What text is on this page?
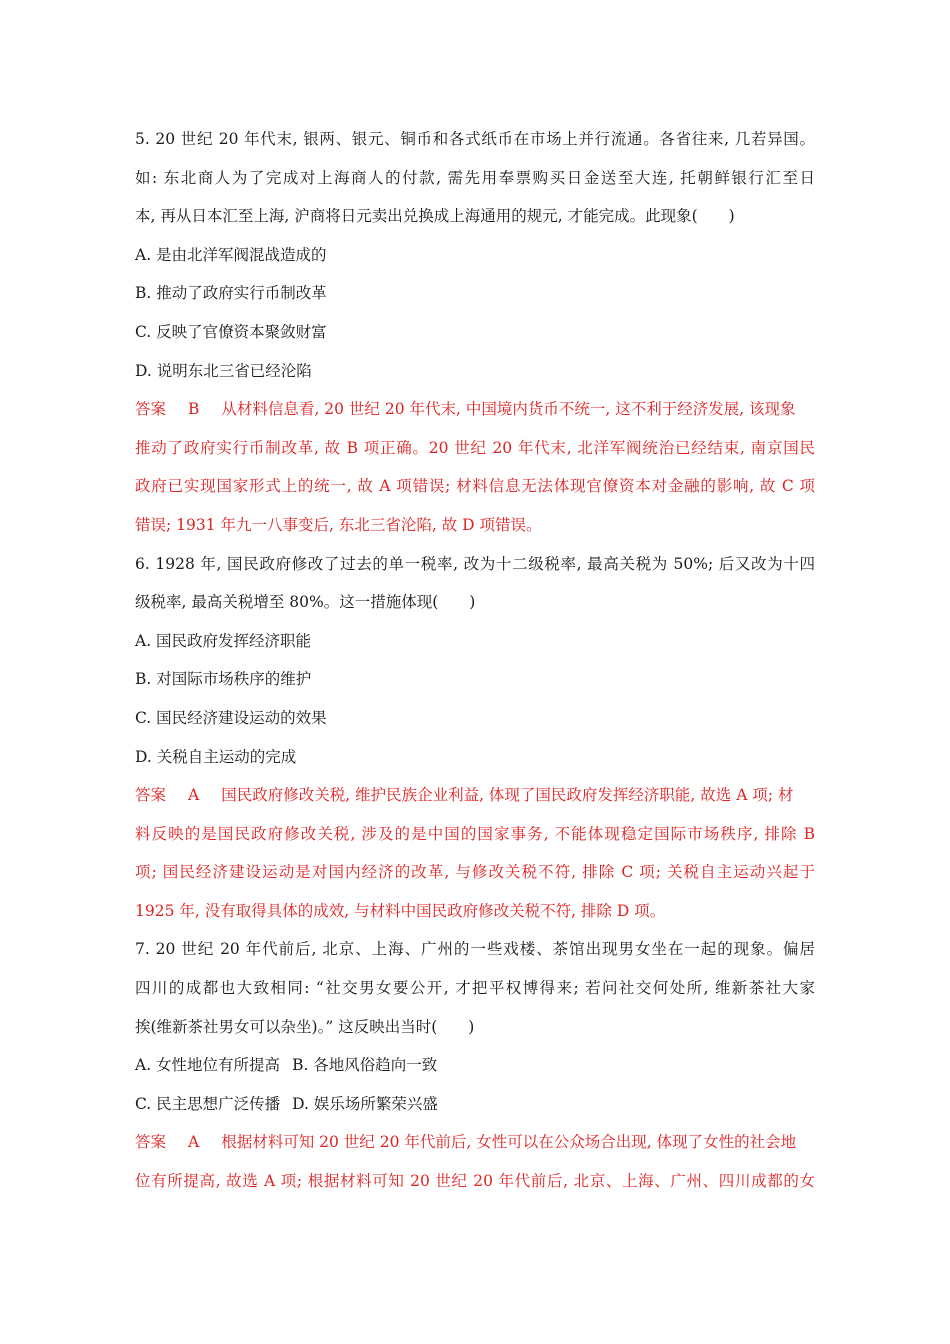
5. 20 世纪 20 年代末, 银两、银元、铜币和各式纸币在市场上并行流通。各省往来, 几若异国。
如: 东北商人为了完成对上海商人的付款, 需先用奉票购买日金送至大连, 托朝鲜银行汇至日
本, 再从日本汇至上海, 沪商将日元卖出兑换成上海通用的规元, 才能完成。此现象(　　)
A. 是由北洋军阀混战造成的
B. 推动了政府实行币制改革
C. 反映了官僚资本聚敛财富
D. 说明东北三省已经沦陷
答案 B 从材料信息看, 20 世纪 20 年代末, 中国境内货币不统一, 这不利于经济发展, 该现象
推动了政府实行币制改革, 故 B 项正确。20 世纪 20 年代末, 北洋军阀统治已经结束, 南京国民
政府已实现国家形式上的统一, 故 A 项错误; 材料信息无法体现官僚资本对金融的影响, 故 C 项
错误; 1931 年九一八事变后, 东北三省沦陷, 故 D 项错误。
6. 1928 年, 国民政府修改了过去的单一税率, 改为十二级税率, 最高关税为 50%; 后又改为十四
级税率, 最高关税增至 80%。这一措施体现(　　)
A. 国民政府发挥经济职能
B. 对国际市场秩序的维护
C. 国民经济建设运动的效果
D. 关税自主运动的完成
答案 A 国民政府修改关税, 维护民族企业利益, 体现了国民政府发挥经济职能, 故选 A 项; 材
料反映的是国民政府修改关税, 涉及的是中国的国家事务, 不能体现稳定国际市场秩序, 排除 B
项; 国民经济建设运动是对国内经济的改革, 与修改关税不符, 排除 C 项; 关税自主运动兴起于
1925 年, 没有取得具体的成效, 与材料中国民政府修改关税不符, 排除 D 项。
7. 20 世纪 20 年代前后, 北京、上海、广州的一些戏楼、茶馆出现男女坐在一起的现象。偏居
四川的成都也大致相同: “社交男女要公开, 才把平权博得来; 若问社交何处所, 维新茶社大家
挨(维新茶社男女可以杂坐)。” 这反映出当时(　　)
A. 女性地位有所提高 B. 各地风俗趋向一致
C. 民主思想广泛传播 D. 娱乐场所繁荣兴盛
答案 A 根据材料可知 20 世纪 20 年代前后, 女性可以在公众场合出现, 体现了女性的社会地
位有所提高, 故选 A 项; 根据材料可知 20 世纪 20 年代前后, 北京、上海、广州、四川成都的女
